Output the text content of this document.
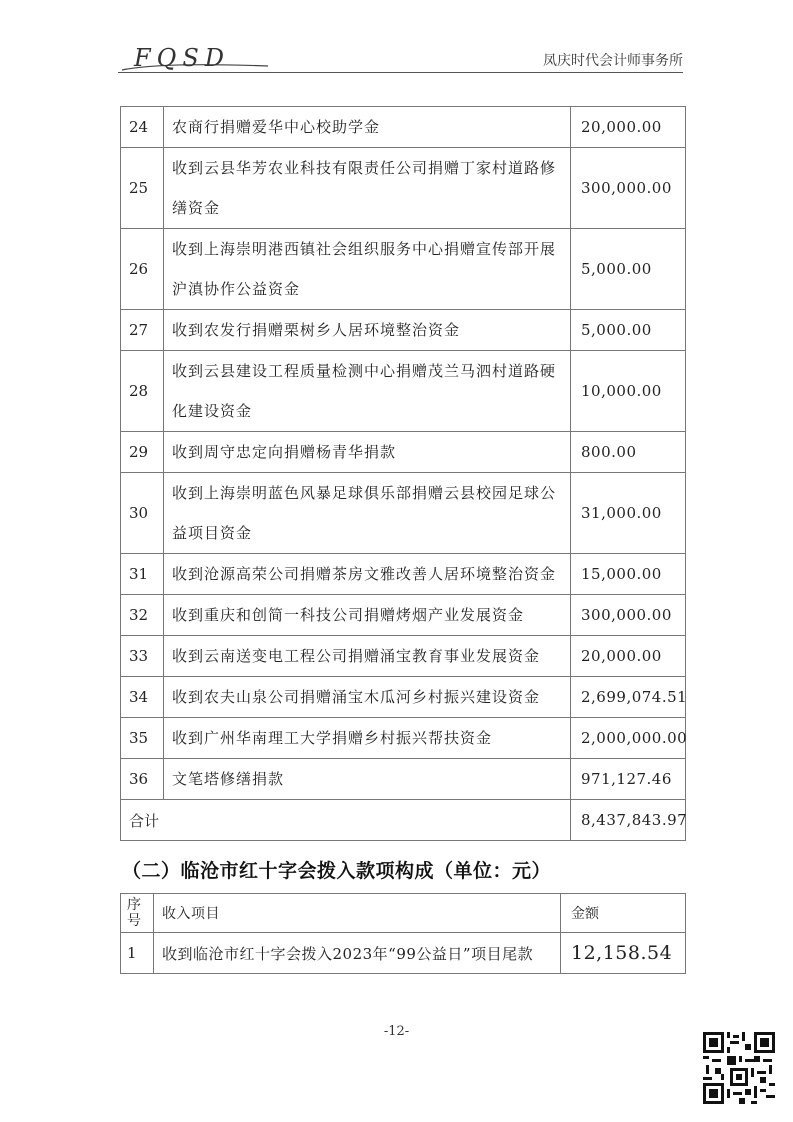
FQSD	凤庆时代会计师事务所
24	农商行捐赠爱华中心校助学金	20,000.00
25	收到云县华芳农业科技有限责任公司捐赠丁家村道路修缮资金	300,000.00
26	收到上海崇明港西镇社会组织服务中心捐赠宣传部开展沪滇协作公益资金	5,000.00
27	收到农发行捐赠栗树乡人居环境整治资金	5,000.00
28	收到云县建设工程质量检测中心捐赠茂兰马泗村道路硬化建设资金	10,000.00
29	收到周守忠定向捐赠杨青华捐款	800.00
30	收到上海崇明蓝色风暴足球俱乐部捐赠云县校园足球公益项目资金	31,000.00
31	收到沧源高荣公司捐赠茶房文雅改善人居环境整治资金	15,000.00
32	收到重庆和创简一科技公司捐赠烤烟产业发展资金	300,000.00
33	收到云南送变电工程公司捐赠涌宝教育事业发展资金	20,000.00
34	收到农夫山泉公司捐赠涌宝木瓜河乡村振兴建设资金	2,699,074.51
35	收到广州华南理工大学捐赠乡村振兴帮扶资金	2,000,000.00
36	文笔塔修缮捐款	971,127.46
合计		8,437,843.97
（二）临沧市红十字会拨入款项构成（单位：元）
序号	收入项目	金额
1	收到临沧市红十字会拨入2023年“99公益日”项目尾款	12,158.54
-12-
